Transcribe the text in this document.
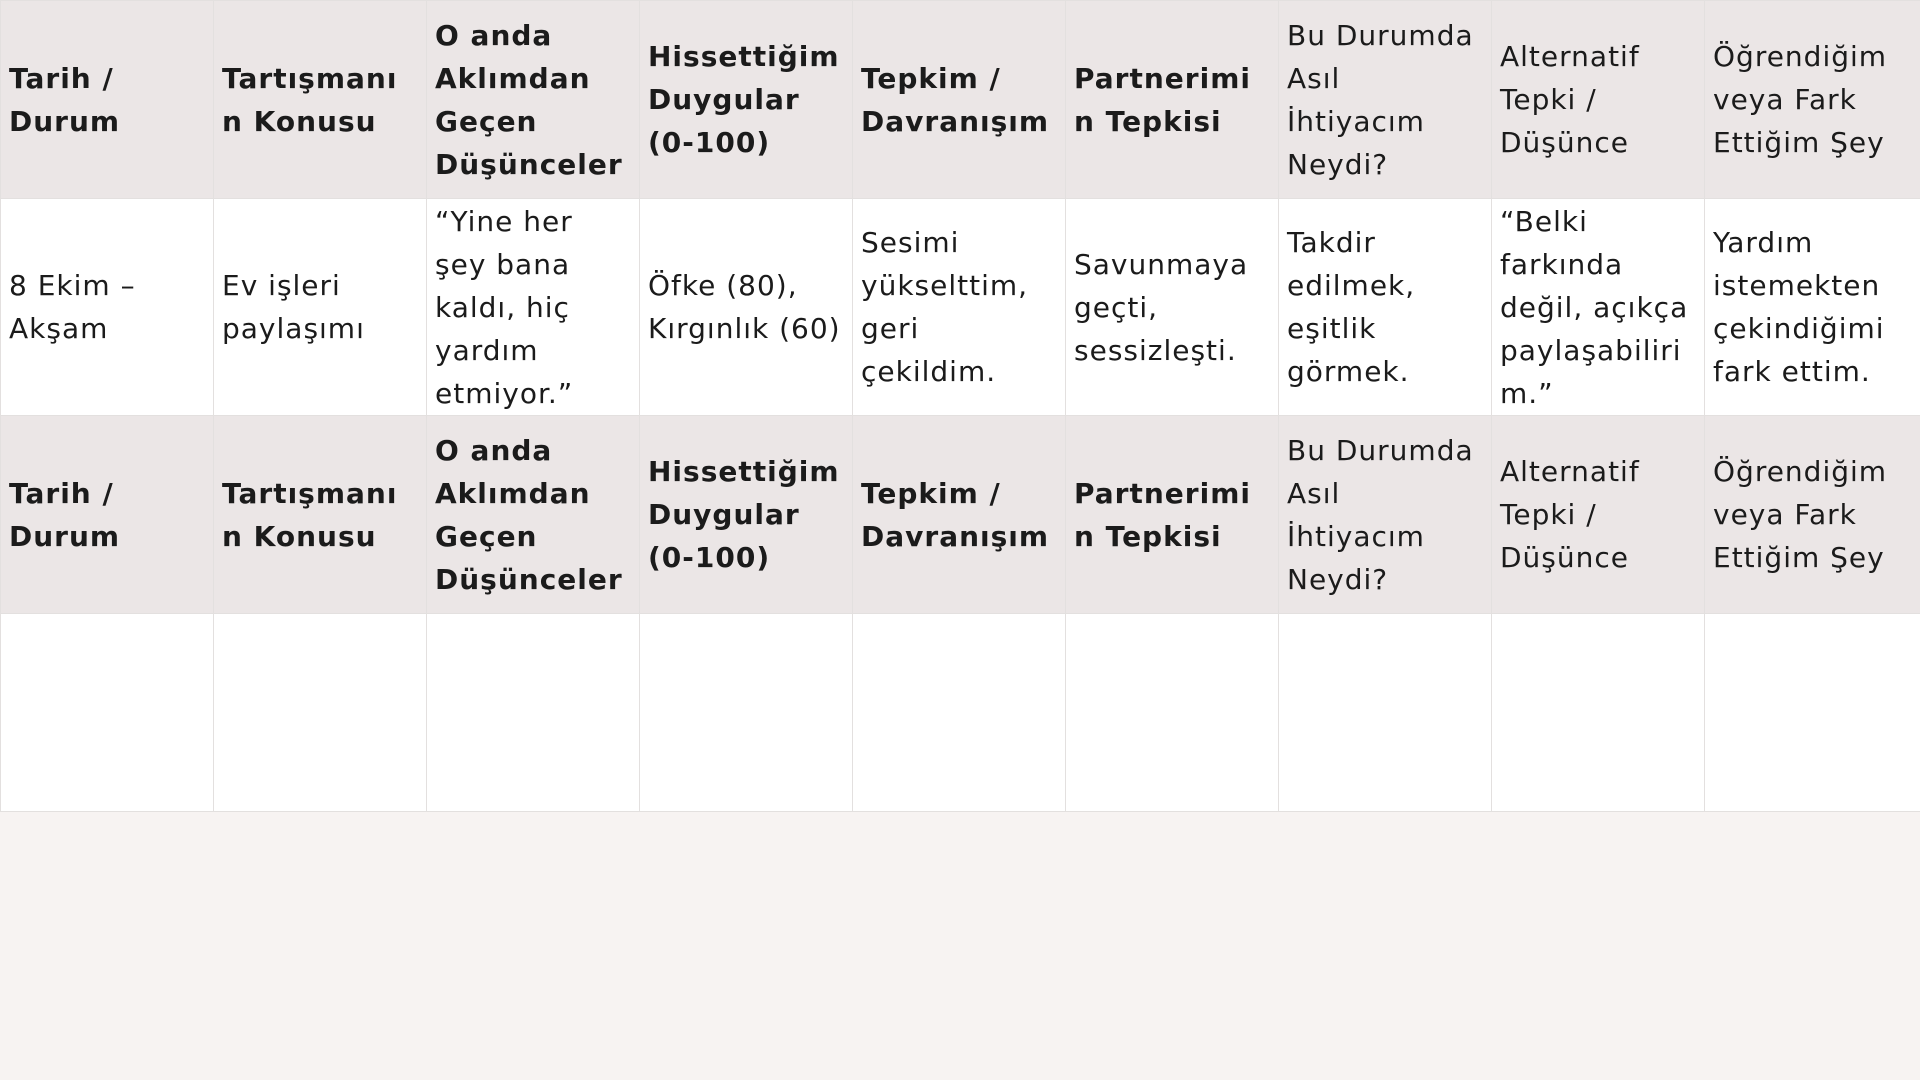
Tarih / Durum	Tartışmanın Konusu	O anda Aklımdan Geçen Düşünceler	Hissettiğim Duygular (0-100)	Tepkim / Davranışım	Partnerimin Tepkisi	Bu Durumda Asıl İhtiyacım Neydi?	Alternatif Tepki / Düşünce	Öğrendiğim veya Fark Ettiğim Şey
8 Ekim – Akşam	Ev işleri paylaşımı	“Yine her şey bana kaldı, hiç yardım etmiyor.”	Öfke (80), Kırgınlık (60)	Sesimi yükselttim, geri çekildim.	Savunmaya geçti, sessizleşti.	Takdir edilmek, eşitlik görmek.	“Belki farkında değil, açıkça paylaşabilirim.”	Yardım istemekten çekindiğimi fark ettim.
Tarih / Durum	Tartışmanın Konusu	O anda Aklımdan Geçen Düşünceler	Hissettiğim Duygular (0-100)	Tepkim / Davranışım	Partnerimin Tepkisi	Bu Durumda Asıl İhtiyacım Neydi?	Alternatif Tepki / Düşünce	Öğrendiğim veya Fark Ettiğim Şey
